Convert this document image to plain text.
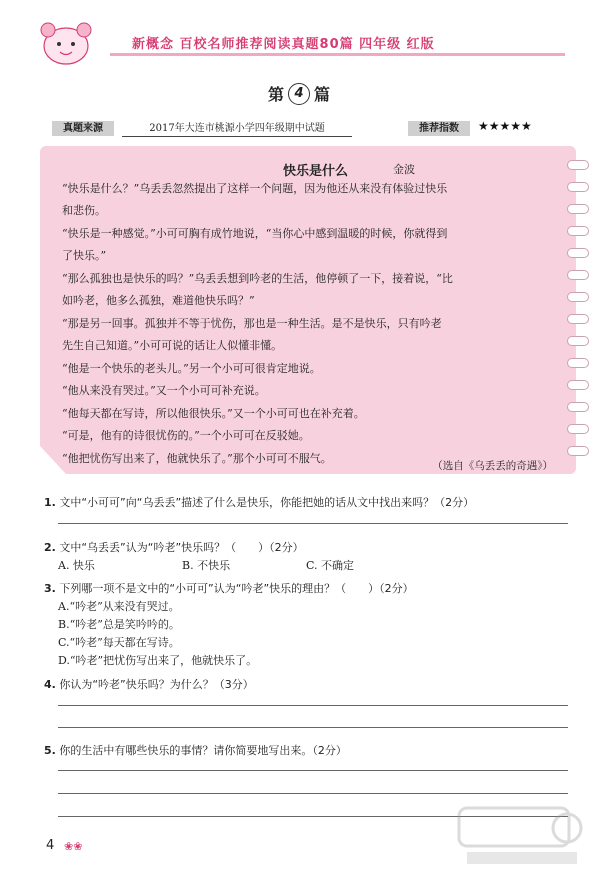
新概念 百校名师推荐阅读真题80篇 四年级 红版
第 4 篇
真题来源	2017年大连市桃源小学四年级期中试题	推荐指数	★★★★★
快乐是什么	金波
“快乐是什么？”乌丢丢忽然提出了这样一个问题，因为他还从来没有体验过快乐
和悲伤。
“快乐是一种感觉。”小可可胸有成竹地说，“当你心中感到温暖的时候，你就得到
了快乐。”
“那么孤独也是快乐的吗？”乌丢丢想到吟老的生活，他停顿了一下，接着说，“比
如吟老，他多么孤独，难道他快乐吗？”
“那是另一回事。孤独并不等于忧伤，那也是一种生活。是不是快乐，只有吟老
先生自己知道。”小可可说的话让人似懂非懂。
“他是一个快乐的老头儿。”另一个小可可很肯定地说。
“他从来没有哭过。”又一个小可可补充说。
“他每天都在写诗，所以他很快乐。”又一个小可可也在补充着。
“可是，他有的诗很忧伤的。”一个小可可在反驳她。
“他把忧伤写出来了，他就快乐了。”那个小可可不服气。
（选自《乌丢丢的奇遇》）
1. 文中“小可可”向“乌丢丢”描述了什么是快乐，你能把她的话从文中找出来吗？（2分）
2. 文中“乌丢丢”认为“吟老”快乐吗？（　　）（2分）
A. 快乐	B. 不快乐	C. 不确定
3. 下列哪一项不是文中的“小可可”认为“吟老”快乐的理由？（　　）（2分）
A.“吟老”从来没有哭过。
B.“吟老”总是笑吟吟的。
C.“吟老”每天都在写诗。
D.“吟老”把忧伤写出来了，他就快乐了。
4. 你认为“吟老”快乐吗？为什么？（3分）
5. 你的生活中有哪些快乐的事情？请你简要地写出来。（2分）
4 ❀❀
